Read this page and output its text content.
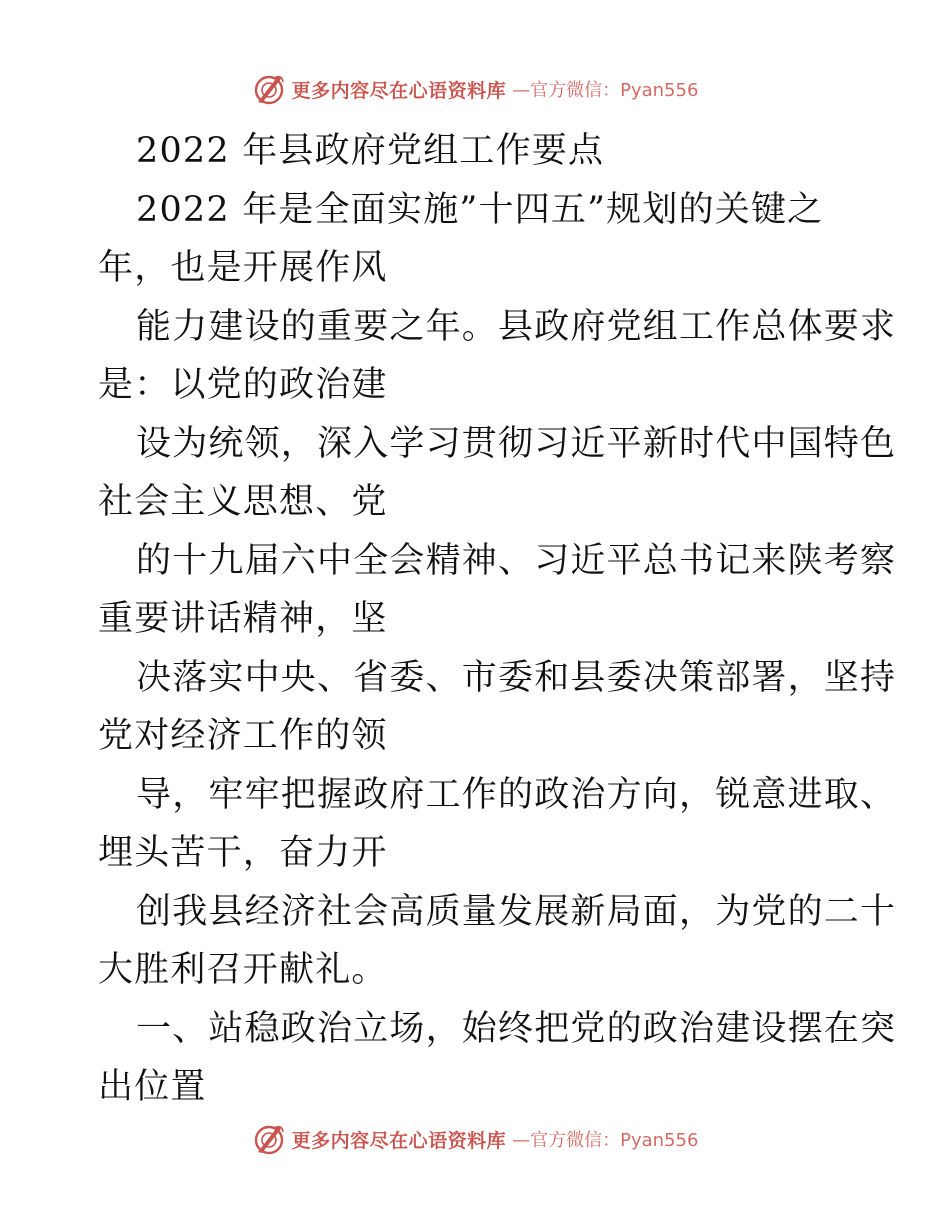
更多内容尽在心语资料库 —官方微信：Pyan556
2022 年县政府党组工作要点
2022 年是全面实施”十四五”规划的关键之
年，也是开展作风
能力建设的重要之年。县政府党组工作总体要求
是：以党的政治建
设为统领，深入学习贯彻习近平新时代中国特色
社会主义思想、党
的十九届六中全会精神、习近平总书记来陕考察
重要讲话精神，坚
决落实中央、省委、市委和县委决策部署，坚持
党对经济工作的领
导，牢牢把握政府工作的政治方向，锐意进取、
埋头苦干，奋力开
创我县经济社会高质量发展新局面，为党的二十
大胜利召开献礼。
一、站稳政治立场，始终把党的政治建设摆在突
出位置
更多内容尽在心语资料库 —官方微信：Pyan556
